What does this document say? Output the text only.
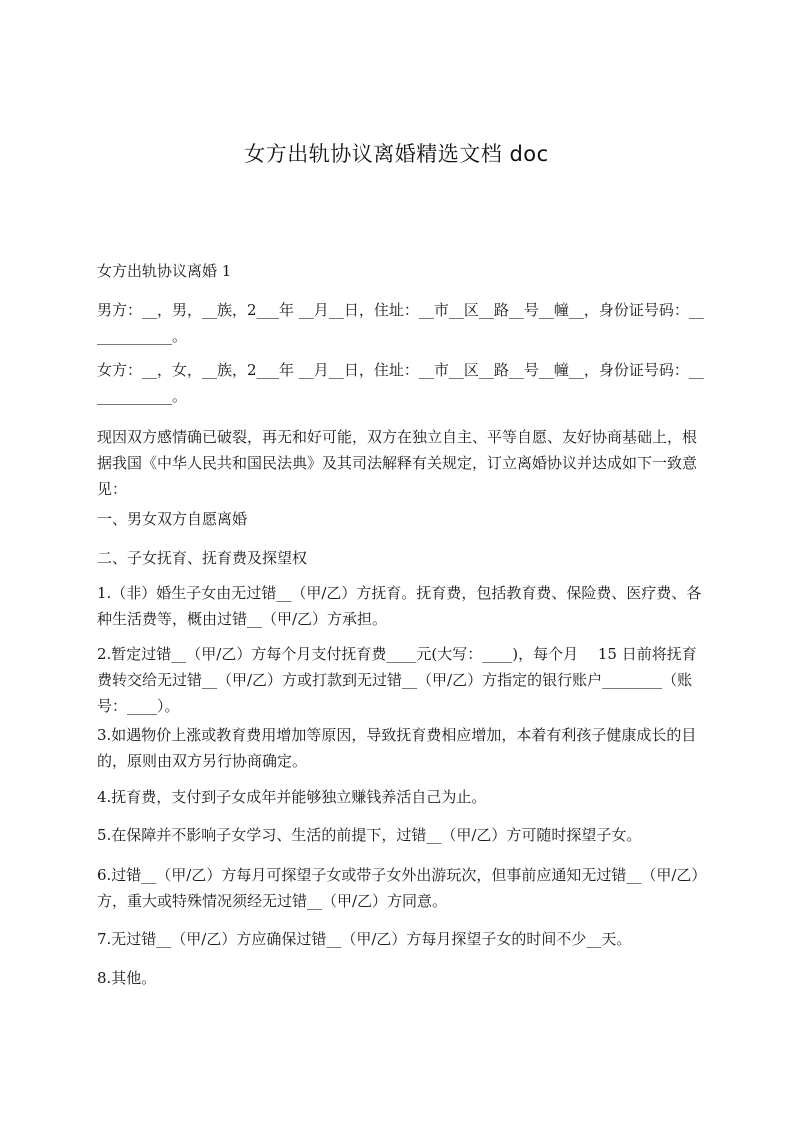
女方出轨协议离婚精选文档 doc

女方出轨协议离婚 1

男方：__，男，__族，2___年 __月__日，住址：__市__区__路__号__幢__，身份证号码：____________。

女方：__，女，__族，2___年 __月__日，住址：__市__区__路__号__幢__，身份证号码：____________。

现因双方感情确已破裂，再无和好可能，双方在独立自主、平等自愿、友好协商基础上，根据我国《中华人民共和国民法典》及其司法解释有关规定，订立离婚协议并达成如下一致意见：

一、男女双方自愿离婚

二、子女抚育、抚育费及探望权

1.（非）婚生子女由无过错__（甲/乙）方抚育。抚育费，包括教育费、保险费、医疗费、各种生活费等，概由过错__（甲/乙）方承担。

2.暂定过错__（甲/乙）方每个月支付抚育费____元(大写：____)，每个月　 15 日前将抚育费转交给无过错__（甲/乙）方或打款到无过错__（甲/乙）方指定的银行账户________（账号：____）。

3.如遇物价上涨或教育费用增加等原因，导致抚育费相应增加，本着有利孩子健康成长的目的，原则由双方另行协商确定。

4.抚育费，支付到子女成年并能够独立赚钱养活自己为止。

5.在保障并不影响子女学习、生活的前提下，过错__（甲/乙）方可随时探望子女。

6.过错__（甲/乙）方每月可探望子女或带子女外出游玩次，但事前应通知无过错__（甲/乙）方，重大或特殊情况须经无过错__（甲/乙）方同意。

7.无过错__（甲/乙）方应确保过错__（甲/乙）方每月探望子女的时间不少__天。

8.其他。
